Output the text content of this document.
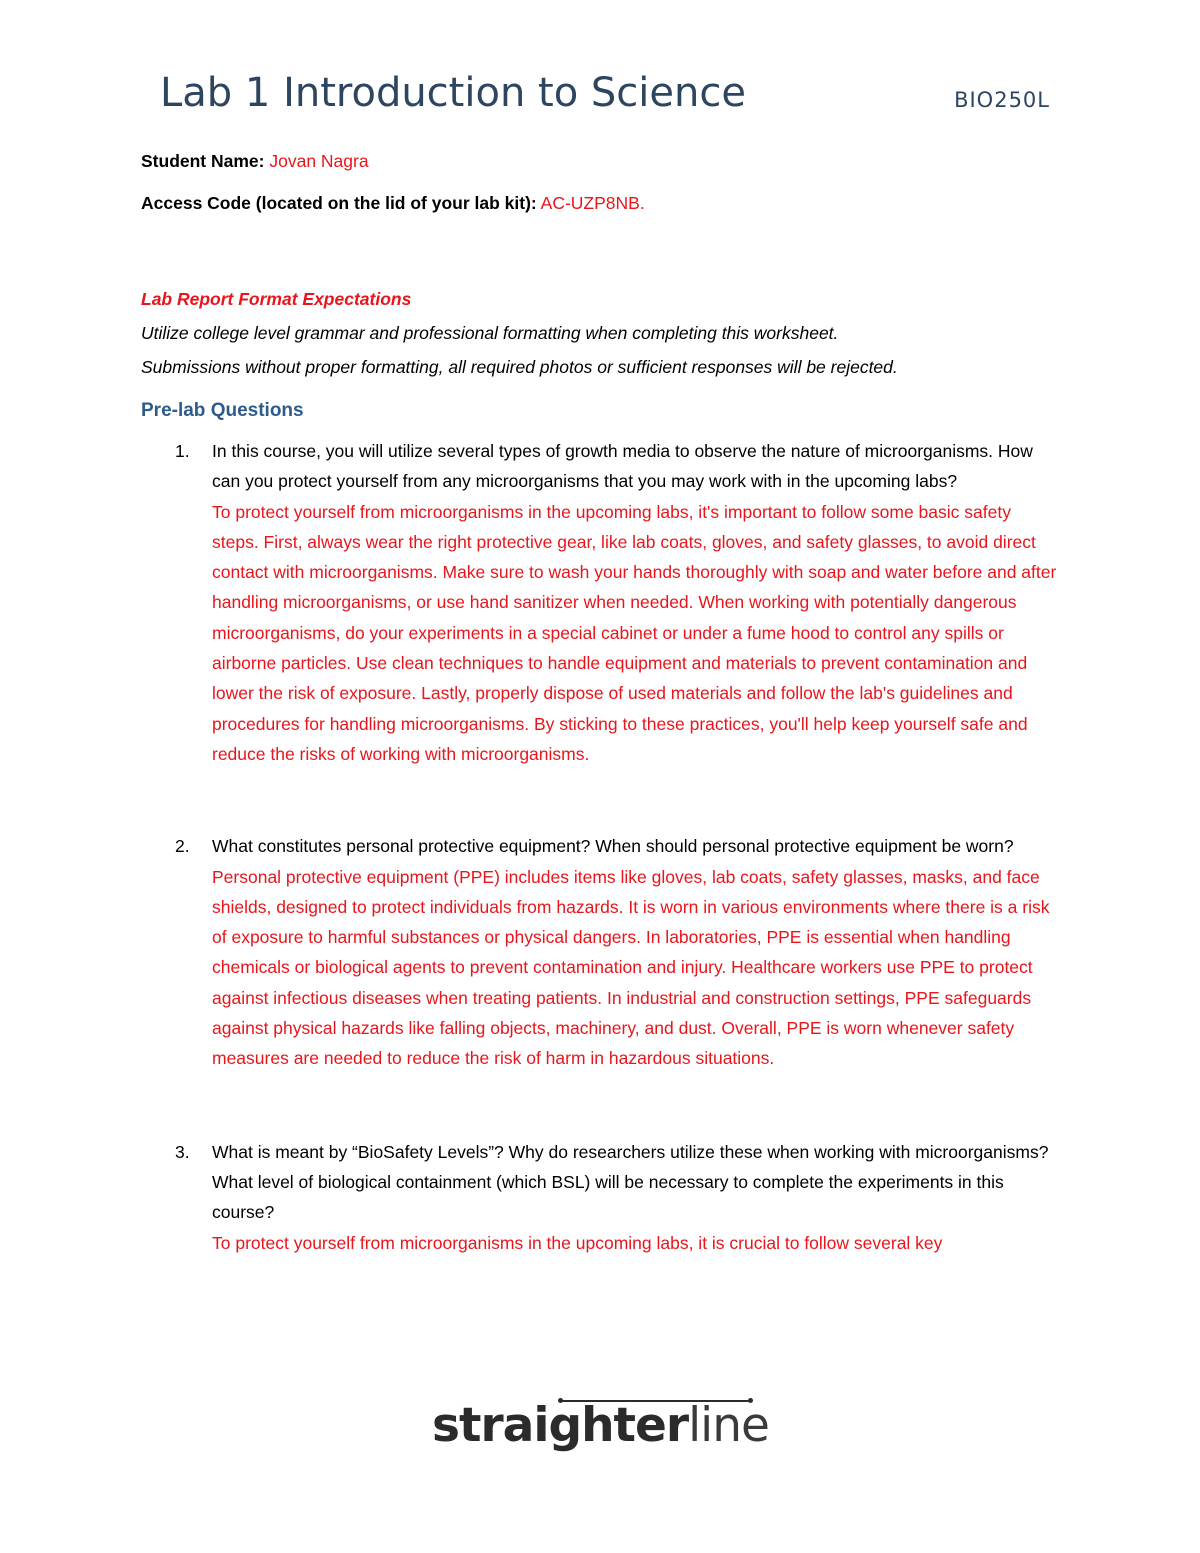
Lab 1 Introduction to Science	BIO250L

Student Name: Jovan Nagra

Access Code (located on the lid of your lab kit): AC-UZP8NB.

Lab Report Format Expectations

Utilize college level grammar and professional formatting when completing this worksheet.

Submissions without proper formatting, all required photos or sufficient responses will be rejected.

Pre-lab Questions
1. In this course, you will utilize several types of growth media to observe the nature of microorganisms. How can you protect yourself from any microorganisms that you may work with in the upcoming labs?

To protect yourself from microorganisms in the upcoming labs, it's important to follow some basic safety steps. First, always wear the right protective gear, like lab coats, gloves, and safety glasses, to avoid direct contact with microorganisms. Make sure to wash your hands thoroughly with soap and water before and after handling microorganisms, or use hand sanitizer when needed. When working with potentially dangerous microorganisms, do your experiments in a special cabinet or under a fume hood to control any spills or airborne particles. Use clean techniques to handle equipment and materials to prevent contamination and lower the risk of exposure. Lastly, properly dispose of used materials and follow the lab's guidelines and procedures for handling microorganisms. By sticking to these practices, you'll help keep yourself safe and reduce the risks of working with microorganisms.

2. What constitutes personal protective equipment? When should personal protective equipment be worn?

Personal protective equipment (PPE) includes items like gloves, lab coats, safety glasses, masks, and face shields, designed to protect individuals from hazards. It is worn in various environments where there is a risk of exposure to harmful substances or physical dangers. In laboratories, PPE is essential when handling chemicals or biological agents to prevent contamination and injury. Healthcare workers use PPE to protect against infectious diseases when treating patients. In industrial and construction settings, PPE safeguards against physical hazards like falling objects, machinery, and dust. Overall, PPE is worn whenever safety measures are needed to reduce the risk of harm in hazardous situations.

3. What is meant by “BioSafety Levels”? Why do researchers utilize these when working with microorganisms? What level of biological containment (which BSL) will be necessary to complete the experiments in this course?

To protect yourself from microorganisms in the upcoming labs, it is crucial to follow several key

straighterline
